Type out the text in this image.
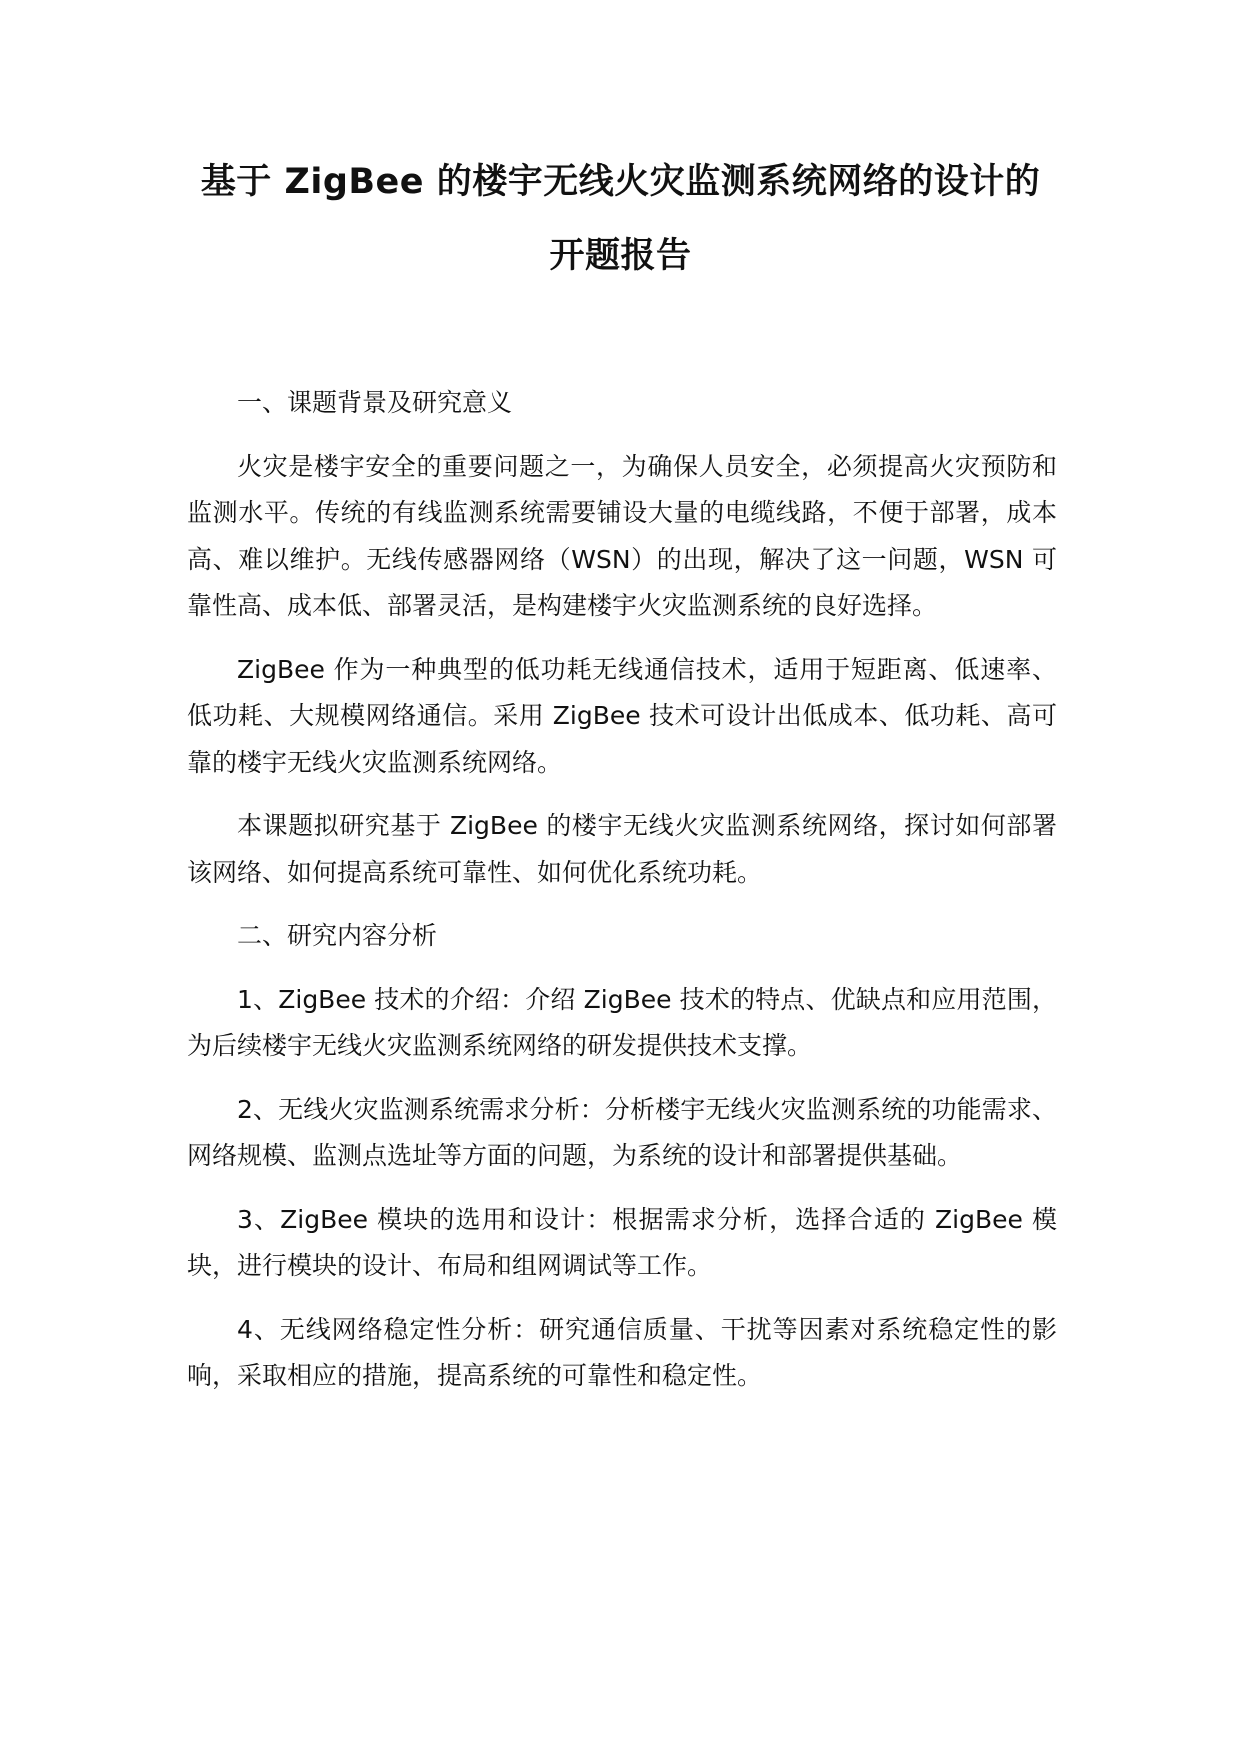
基于 ZigBee 的楼宇无线火灾监测系统网络的设计的
开题报告
一、课题背景及研究意义

火灾是楼宇安全的重要问题之一，为确保人员安全，必须提高火灾预防和监测水平。传统的有线监测系统需要铺设大量的电缆线路，不便于部署，成本高、难以维护。无线传感器网络（WSN）的出现，解决了这一问题，WSN 可靠性高、成本低、部署灵活，是构建楼宇火灾监测系统的良好选择。

ZigBee 作为一种典型的低功耗无线通信技术，适用于短距离、低速率、低功耗、大规模网络通信。采用 ZigBee 技术可设计出低成本、低功耗、高可靠的楼宇无线火灾监测系统网络。

本课题拟研究基于 ZigBee 的楼宇无线火灾监测系统网络，探讨如何部署该网络、如何提高系统可靠性、如何优化系统功耗。

二、研究内容分析

1、ZigBee 技术的介绍：介绍 ZigBee 技术的特点、优缺点和应用范围，为后续楼宇无线火灾监测系统网络的研发提供技术支撑。

2、无线火灾监测系统需求分析：分析楼宇无线火灾监测系统的功能需求、网络规模、监测点选址等方面的问题，为系统的设计和部署提供基础。

3、ZigBee 模块的选用和设计：根据需求分析，选择合适的 ZigBee 模块，进行模块的设计、布局和组网调试等工作。

4、无线网络稳定性分析：研究通信质量、干扰等因素对系统稳定性的影响，采取相应的措施，提高系统的可靠性和稳定性。
